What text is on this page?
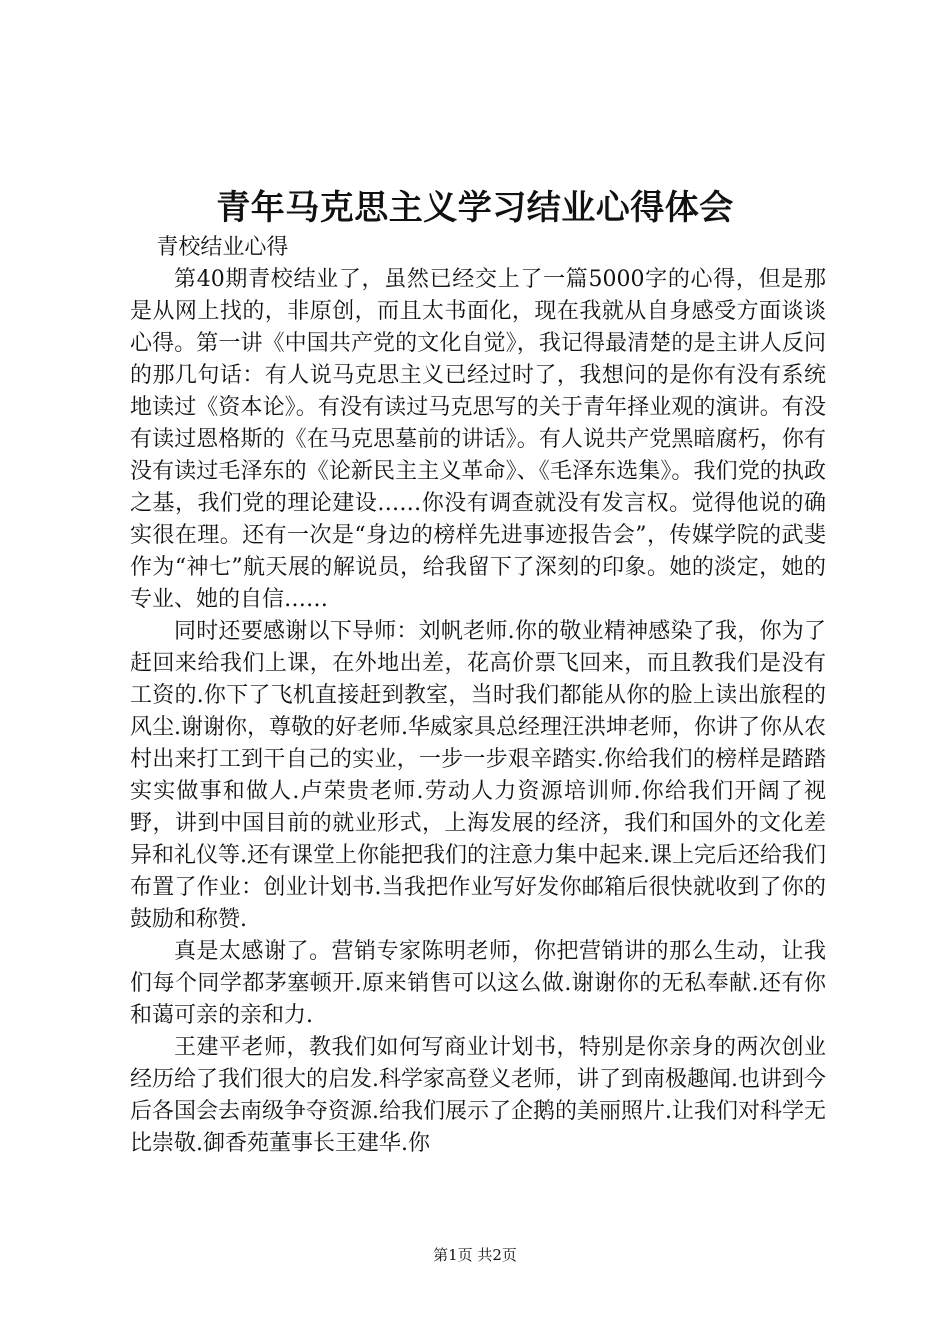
青年马克思主义学习结业心得体会

青校结业心得

第40期青校结业了，虽然已经交上了一篇5000字的心得，但是那是从网上找的，非原创，而且太书面化，现在我就从自身感受方面谈谈心得。第一讲《中国共产党的文化自觉》，我记得最清楚的是主讲人反问的那几句话：有人说马克思主义已经过时了，我想问的是你有没有系统地读过《资本论》。有没有读过马克思写的关于青年择业观的演讲。有没有读过恩格斯的《在马克思墓前的讲话》。有人说共产党黑暗腐朽，你有没有读过毛泽东的《论新民主主义革命》、《毛泽东选集》。我们党的执政之基，我们党的理论建设……你没有调查就没有发言权。觉得他说的确实很在理。还有一次是“身边的榜样先进事迹报告会”，传媒学院的武斐作为“神七”航天展的解说员，给我留下了深刻的印象。她的淡定，她的专业、她的自信……

同时还要感谢以下导师：刘帆老师.你的敬业精神感染了我，你为了赶回来给我们上课，在外地出差，花高价票飞回来，而且教我们是没有工资的.你下了飞机直接赶到教室，当时我们都能从你的脸上读出旅程的风尘.谢谢你，尊敬的好老师.华威家具总经理汪洪坤老师，你讲了你从农村出来打工到干自己的实业，一步一步艰辛踏实.你给我们的榜样是踏踏实实做事和做人.卢荣贵老师.劳动人力资源培训师.你给我们开阔了视野，讲到中国目前的就业形式，上海发展的经济，我们和国外的文化差异和礼仪等.还有课堂上你能把我们的注意力集中起来.课上完后还给我们布置了作业：创业计划书.当我把作业写好发你邮箱后很快就收到了你的鼓励和称赞.

真是太感谢了。营销专家陈明老师，你把营销讲的那么生动，让我们每个同学都茅塞顿开.原来销售可以这么做.谢谢你的无私奉献.还有你和蔼可亲的亲和力.

王建平老师，教我们如何写商业计划书，特别是你亲身的两次创业经历给了我们很大的启发.科学家高登义老师，讲了到南极趣闻.也讲到今后各国会去南级争夺资源.给我们展示了企鹅的美丽照片.让我们对科学无比崇敬.御香苑董事长王建华.你

第1页 共2页
